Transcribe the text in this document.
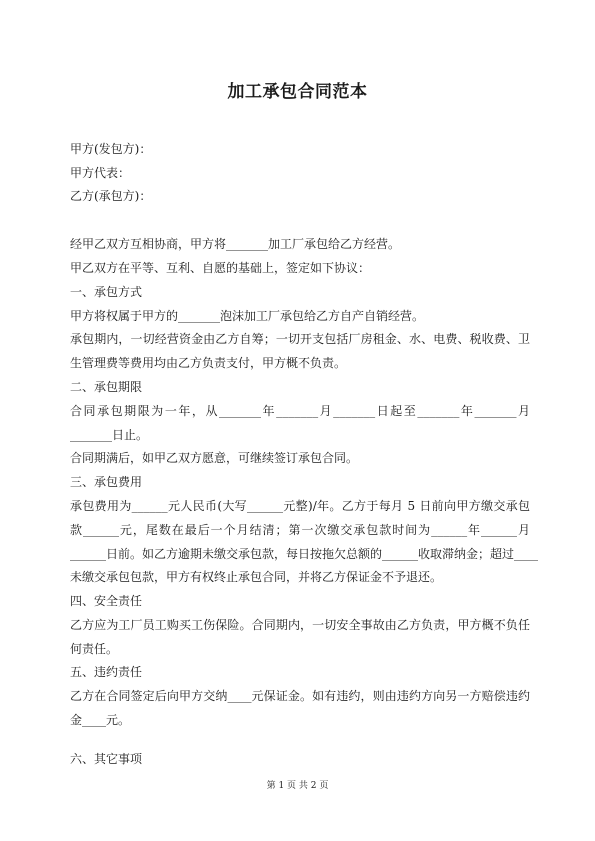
加工承包合同范本
甲方(发包方)：
甲方代表：
乙方(承包方)：
经甲乙双方互相协商，甲方将_______加工厂承包给乙方经营。
甲乙双方在平等、互利、自愿的基础上，签定如下协议：
一、承包方式
甲方将权属于甲方的_______泡沫加工厂承包给乙方自产自销经营。
承包期内，一切经营资金由乙方自筹；一切开支包括厂房租金、水、电费、税收费、卫
生管理费等费用均由乙方负责支付，甲方概不负责。
二、承包期限
合同承包期限为一年，从_______年_______月_______日起至_______年_______月
_______日止。
合同期满后，如甲乙双方愿意，可继续签订承包合同。
三、承包费用
承包费用为______元人民币(大写______元整)/年。乙方于每月 5 日前向甲方缴交承包
款______元，尾数在最后一个月结清；第一次缴交承包款时间为______年______月
______日前。如乙方逾期未缴交承包款，每日按拖欠总额的______收取滞纳金；超过____
未缴交承包包款，甲方有权终止承包合同，并将乙方保证金不予退还。
四、安全责任
乙方应为工厂员工购买工伤保险。合同期内，一切安全事故由乙方负责，甲方概不负任
何责任。
五、违约责任
乙方在合同签定后向甲方交纳____元保证金。如有违约，则由违约方向另一方赔偿违约
金____元。
六、其它事项
第 1 页 共 2 页
